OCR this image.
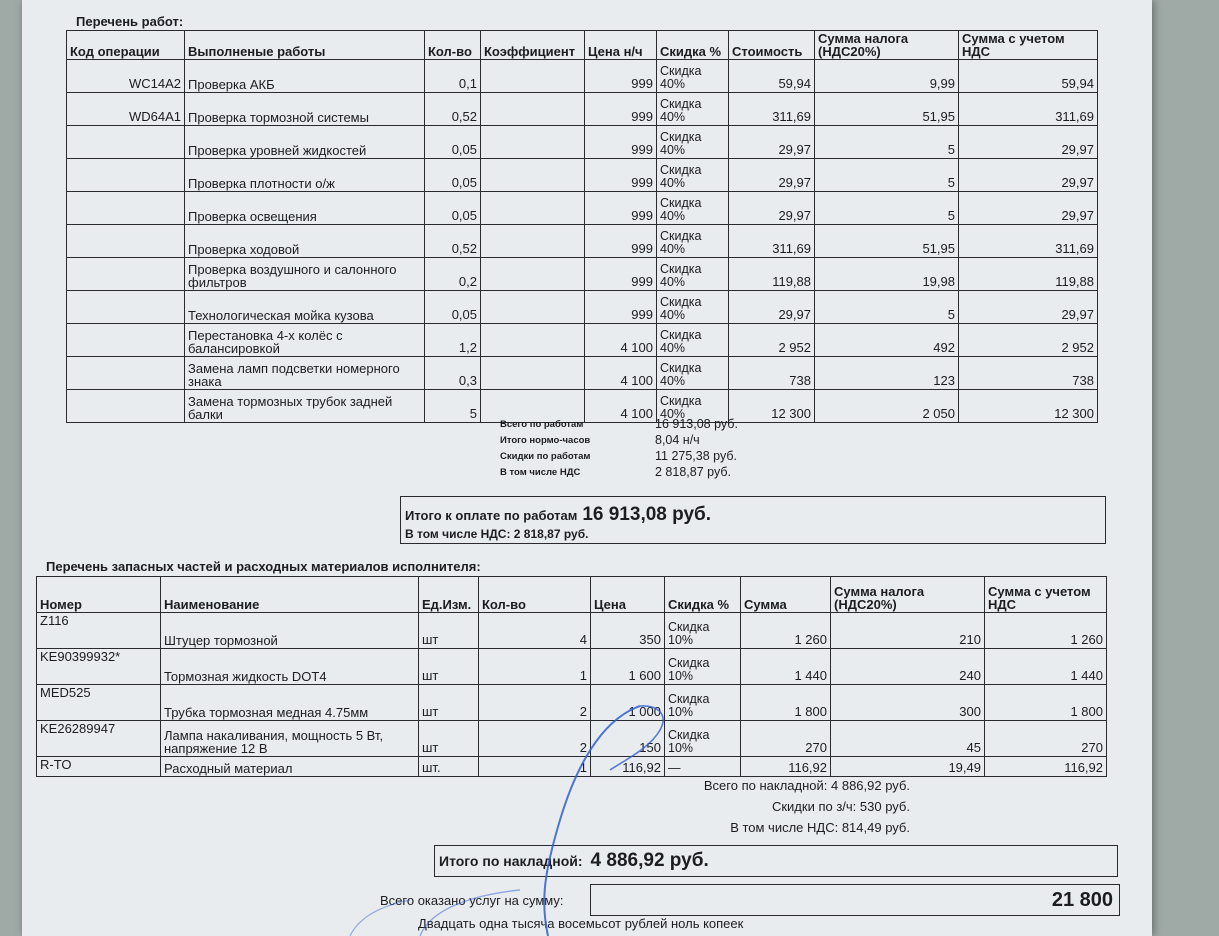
Перечень работ:
Код операции	Выполненые работы	Кол-во	Коэффициент	Цена н/ч	Скидка %	Стоимость	Сумма налога (НДС20%)	Сумма с учетом НДС
WC14A2	Проверка АКБ	0,1		999	Скидка 40%	59,94	9,99	59,94
WD64A1	Проверка тормозной системы	0,52		999	Скидка 40%	311,69	51,95	311,69
	Проверка уровней жидкостей	0,05		999	Скидка 40%	29,97	5	29,97
	Проверка плотности о/ж	0,05		999	Скидка 40%	29,97	5	29,97
	Проверка освещения	0,05		999	Скидка 40%	29,97	5	29,97
	Проверка ходовой	0,52		999	Скидка 40%	311,69	51,95	311,69
	Проверка воздушного и салонного фильтров	0,2		999	Скидка 40%	119,88	19,98	119,88
	Технологическая мойка кузова	0,05		999	Скидка 40%	29,97	5	29,97
	Перестановка 4-х колёс с балансировкой	1,2		4 100	Скидка 40%	2 952	492	2 952
	Замена ламп подсветки номерного знака	0,3		4 100	Скидка 40%	738	123	738
	Замена тормозных трубок задней балки	5		4 100	Скидка 40%	12 300	2 050	12 300
Всего по работам	16 913,08 руб.
Итого нормо-часов	8,04 н/ч
Скидки по работам	11 275,38 руб.
В том числе НДС	2 818,87 руб.
Итого к оплате по работам 16 913,08 руб.
В том числе НДС: 2 818,87 руб.
Перечень запасных частей и расходных материалов исполнителя:
Номер	Наименование	Ед.Изм.	Кол-во	Цена	Скидка %	Сумма	Сумма налога (НДС20%)	Сумма с учетом НДС
Z116	Штуцер тормозной	шт	4	350	Скидка 10%	1 260	210	1 260
KE90399932*	Тормозная жидкость DOT4	шт	1	1 600	Скидка 10%	1 440	240	1 440
MED525	Трубка тормозная медная 4.75мм	шт	2	1 000	Скидка 10%	1 800	300	1 800
KE26289947	Лампа накаливания, мощность 5 Вт, напряжение 12 В	шт	2	150	Скидка 10%	270	45	270
R-TO	Расходный материал	шт.	1	116,92	—	116,92	19,49	116,92
Всего по накладной: 4 886,92 руб.
Скидки по з/ч: 530 руб.
В том числе НДС: 814,49 руб.
Итого по накладной: 4 886,92 руб.
Всего оказано услуг на сумму:	21 800
Двадцать одна тысяча восемьсот рублей ноль копеек
